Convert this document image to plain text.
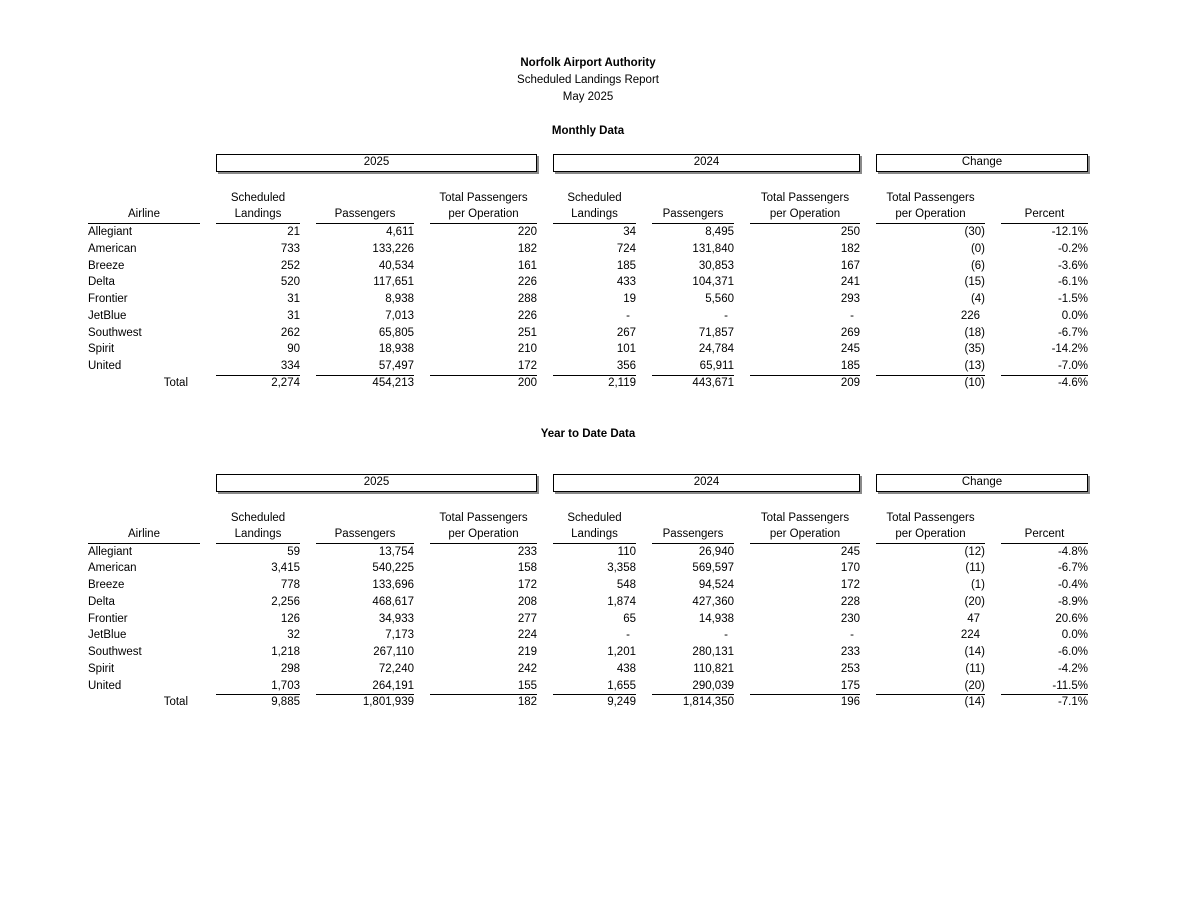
Norfolk Airport Authority
Scheduled Landings Report
May 2025
Monthly Data
2025	2024	Change
Airline
Scheduled
Landings	Passengers
Total Passengers
per Operation
Scheduled
Landings	Passengers
Total Passengers
per Operation
Total Passengers
per Operation	Percent
Allegiant	21	4,611	220	34	8,495	250	(30)	-12.1%
American	733	133,226	182	724	131,840	182	(0)	-0.2%
Breeze	252	40,534	161	185	30,853	167	(6)	-3.6%
Delta	520	117,651	226	433	104,371	241	(15)	-6.1%
Frontier	31	8,938	288	19	5,560	293	(4)	-1.5%
JetBlue	31	7,013	226	-	-	-	226	0.0%
Southwest	262	65,805	251	267	71,857	269	(18)	-6.7%
Spirit	90	18,938	210	101	24,784	245	(35)	-14.2%
United	334	57,497	172	356	65,911	185	(13)	-7.0%
Total	2,274	454,213	200	2,119	443,671	209	(10)	-4.6%
Year to Date Data
2025	2024	Change
Airline
Scheduled
Landings	Passengers
Total Passengers
per Operation
Scheduled
Landings	Passengers
Total Passengers
per Operation
Total Passengers
per Operation	Percent
Allegiant	59	13,754	233	110	26,940	245	(12)	-4.8%
American	3,415	540,225	158	3,358	569,597	170	(11)	-6.7%
Breeze	778	133,696	172	548	94,524	172	(1)	-0.4%
Delta	2,256	468,617	208	1,874	427,360	228	(20)	-8.9%
Frontier	126	34,933	277	65	14,938	230	47	20.6%
JetBlue	32	7,173	224	-	-	-	224	0.0%
Southwest	1,218	267,110	219	1,201	280,131	233	(14)	-6.0%
Spirit	298	72,240	242	438	110,821	253	(11)	-4.2%
United	1,703	264,191	155	1,655	290,039	175	(20)	-11.5%
Total	9,885	1,801,939	182	9,249	1,814,350	196	(14)	-7.1%
